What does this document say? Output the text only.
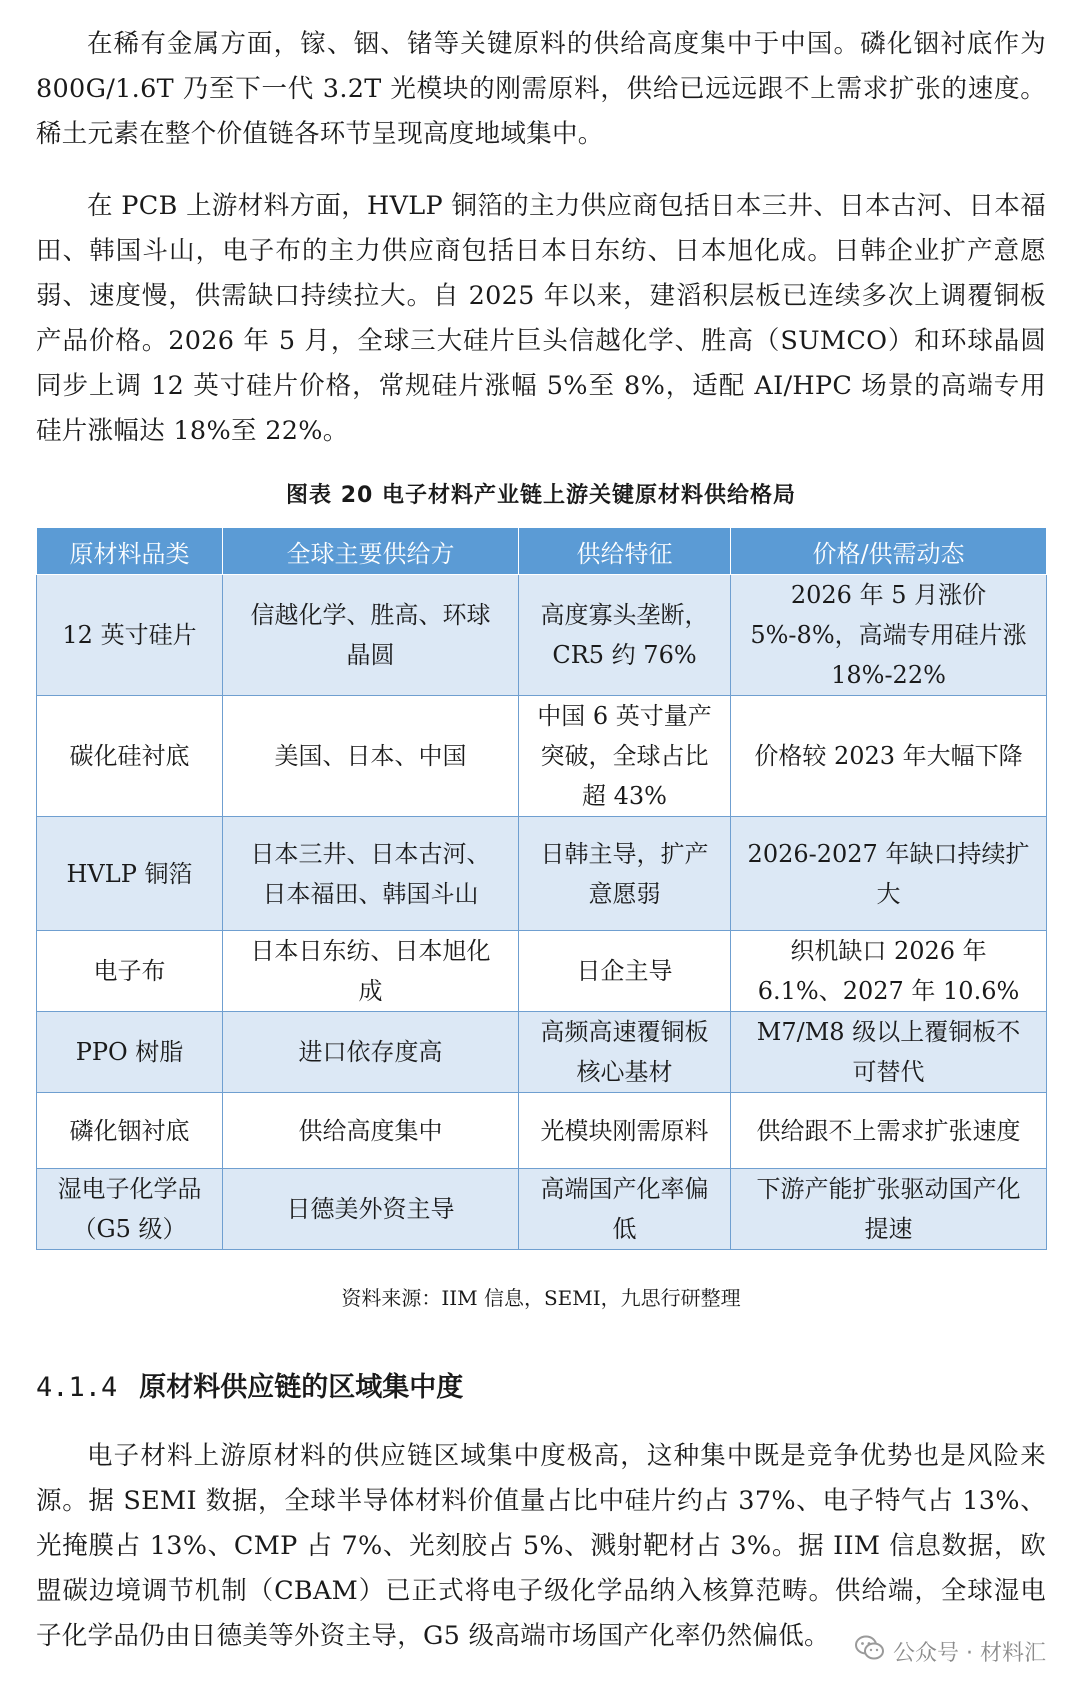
在稀有金属方面，镓、铟、锗等关键原料的供给高度集中于中国。磷化铟衬底作为 800G/1.6T 乃至下一代 3.2T 光模块的刚需原料，供给已远远跟不上需求扩张的速度。稀土元素在整个价值链各环节呈现高度地域集中。

在 PCB 上游材料方面，HVLP 铜箔的主力供应商包括日本三井、日本古河、日本福田、韩国斗山，电子布的主力供应商包括日本日东纺、日本旭化成。日韩企业扩产意愿弱、速度慢，供需缺口持续拉大。自 2025 年以来，建滔积层板已连续多次上调覆铜板产品价格。2026 年 5 月，全球三大硅片巨头信越化学、胜高（SUMCO）和环球晶圆同步上调 12 英寸硅片价格，常规硅片涨幅 5%至 8%，适配 AI/HPC 场景的高端专用硅片涨幅达 18%至 22%。

图表 20 电子材料产业链上游关键原材料供给格局
原材料品类	全球主要供给方	供给特征	价格/供需动态
12 英寸硅片	信越化学、胜高、环球晶圆	高度寡头垄断，CR5 约 76%	2026 年 5 月涨价 5%-8%，高端专用硅片涨 18%-22%
碳化硅衬底	美国、日本、中国	中国 6 英寸量产突破，全球占比超 43%	价格较 2023 年大幅下降
HVLP 铜箔	日本三井、日本古河、日本福田、韩国斗山	日韩主导，扩产意愿弱	2026-2027 年缺口持续扩大
电子布	日本日东纺、日本旭化成	日企主导	织机缺口 2026 年 6.1%、2027 年 10.6%
PPO 树脂	进口依存度高	高频高速覆铜板核心基材	M7/M8 级以上覆铜板不可替代
磷化铟衬底	供给高度集中	光模块刚需原料	供给跟不上需求扩张速度
湿电子化学品（G5 级）	日德美外资主导	高端国产化率偏低	下游产能扩张驱动国产化提速
资料来源：IIM 信息，SEMI，九思行研整理
4.1.4 原材料供应链的区域集中度

电子材料上游原材料的供应链区域集中度极高，这种集中既是竞争优势也是风险来源。据 SEMI 数据，全球半导体材料价值量占比中硅片约占 37%、电子特气占 13%、光掩膜占 13%、CMP 占 7%、光刻胶占 5%、溅射靶材占 3%。据 IIM 信息数据，欧盟碳边境调节机制（CBAM）已正式将电子级化学品纳入核算范畴。供给端，全球湿电子化学品仍由日德美等外资主导，G5 级高端市场国产化率仍然偏低。

公众号 · 材料汇
